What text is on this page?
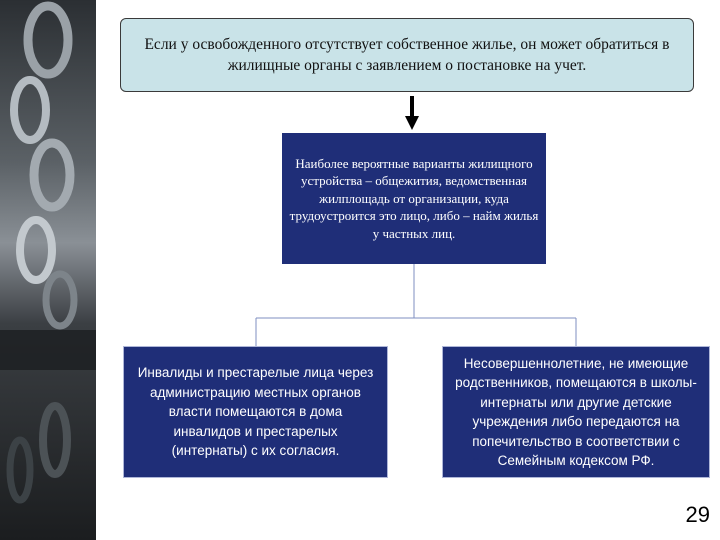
Если у освобожденного отсутствует собственное жилье, он может обратиться в жилищные органы с заявлением о постановке на учет.
Наиболее вероятные варианты жилищного устройства – общежития, ведомственная жилплощадь от организации, куда трудоустроится это лицо, либо – найм жилья у частных лиц.
Инвалиды и престарелые лица через администрацию местных органов власти помещаются в дома инвалидов и престарелых (интернаты) с их согласия.
Несовершеннолетние, не имеющие родственников, помещаются в школы-интернаты или другие детские учреждения либо передаются на попечительство в соответствии с Семейным кодексом РФ.
29
